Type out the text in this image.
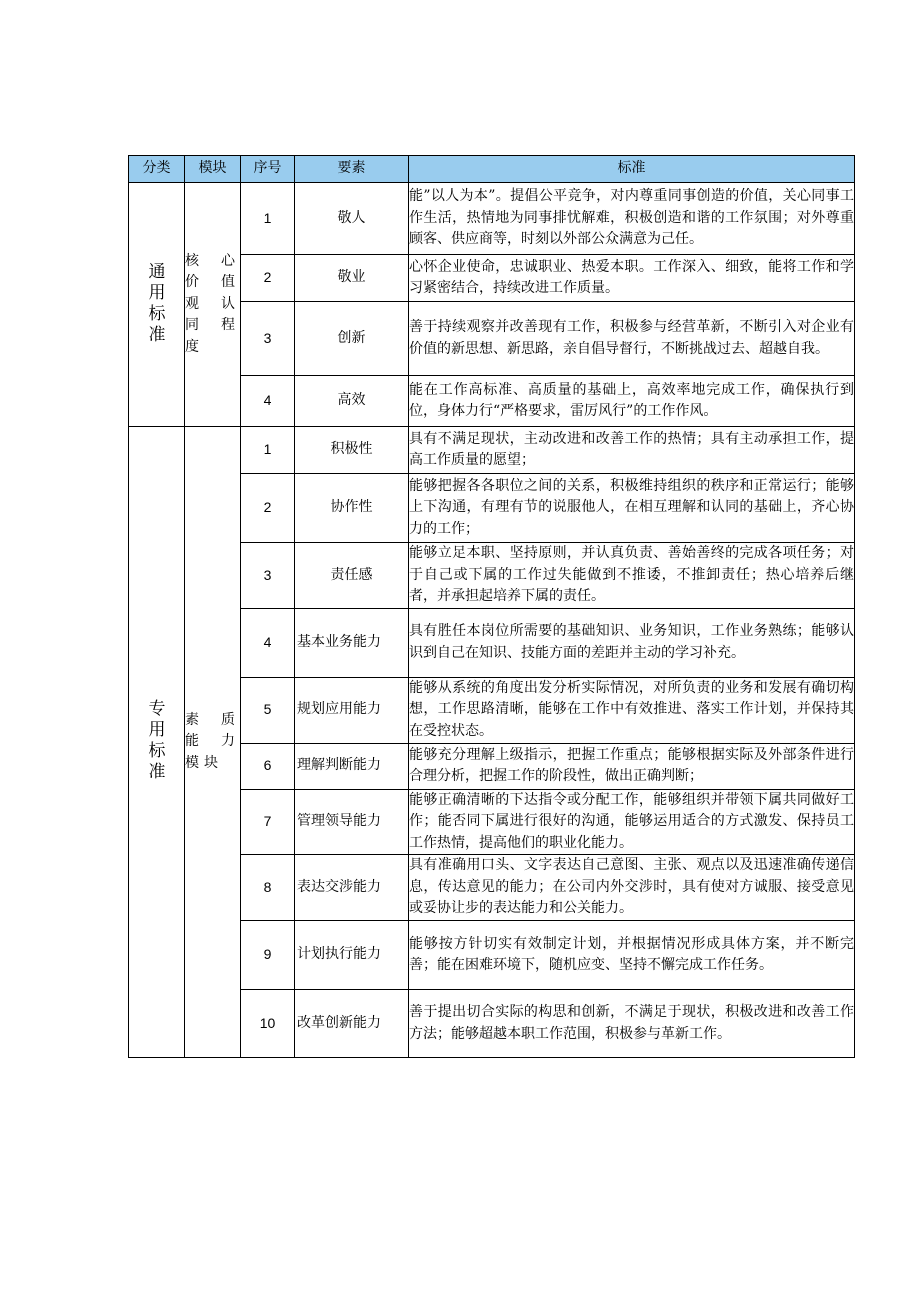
分类	模块	序号	要素	标准
通用标准	核心价值观认同程度	1	敬人	能”以人为本”。提倡公平竞争，对内尊重同事创造的价值，关心同事工作生活，热情地为同事排忧解难，积极创造和谐的工作氛围；对外尊重顾客、供应商等，时刻以外部公众满意为己任。
		2	敬业	心怀企业使命，忠诚职业、热爱本职。工作深入、细致，能将工作和学习紧密结合，持续改进工作质量。
		3	创新	善于持续观察并改善现有工作，积极参与经营革新，不断引入对企业有价值的新思想、新思路，亲自倡导督行，不断挑战过去、超越自我。
		4	高效	能在工作高标准、高质量的基础上，高效率地完成工作，确保执行到位，身体力行“严格要求，雷厉风行”的工作作风。
专用标准	素质能力模块	1	积极性	具有不满足现状，主动改进和改善工作的热情；具有主动承担工作，提高工作质量的愿望；
		2	协作性	能够把握各各职位之间的关系，积极维持组织的秩序和正常运行；能够上下沟通，有理有节的说服他人，在相互理解和认同的基础上，齐心协力的工作；
		3	责任感	能够立足本职、坚持原则，并认真负责、善始善终的完成各项任务；对于自己或下属的工作过失能做到不推诿，不推卸责任；热心培养后继者，并承担起培养下属的责任。
		4	基本业务能力	具有胜任本岗位所需要的基础知识、业务知识，工作业务熟练；能够认识到自己在知识、技能方面的差距并主动的学习补充。
		5	规划应用能力	能够从系统的角度出发分析实际情况，对所负责的业务和发展有确切构想，工作思路清晰，能够在工作中有效推进、落实工作计划，并保持其在受控状态。
		6	理解判断能力	能够充分理解上级指示，把握工作重点；能够根据实际及外部条件进行合理分析，把握工作的阶段性，做出正确判断；
		7	管理领导能力	能够正确清晰的下达指令或分配工作，能够组织并带领下属共同做好工作；能否同下属进行很好的沟通，能够运用适合的方式激发、保持员工工作热情，提高他们的职业化能力。
		8	表达交涉能力	具有准确用口头、文字表达自己意图、主张、观点以及迅速准确传递信息，传达意见的能力；在公司内外交涉时，具有使对方诚服、接受意见或妥协让步的表达能力和公关能力。
		9	计划执行能力	能够按方针切实有效制定计划，并根据情况形成具体方案，并不断完善；能在困难环境下，随机应变、坚持不懈完成工作任务。
		10	改革创新能力	善于提出切合实际的构思和创新，不满足于现状，积极改进和改善工作方法；能够超越本职工作范围，积极参与革新工作。
